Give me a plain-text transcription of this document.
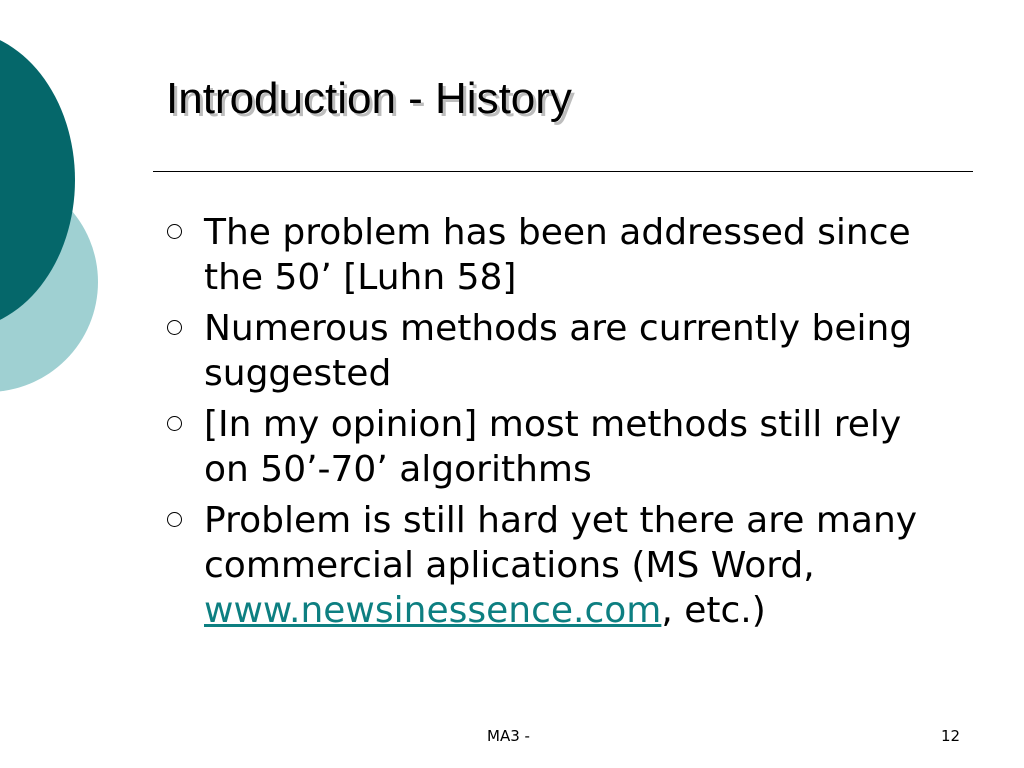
Introduction - History
The problem has been addressed since the 50’ [Luhn 58]
Numerous methods are currently being suggested
[In my opinion] most methods still rely on 50’-70’ algorithms
Problem is still hard yet there are many commercial aplications (MS Word, www.newsinessence.com, etc.)
MA3 -	12
